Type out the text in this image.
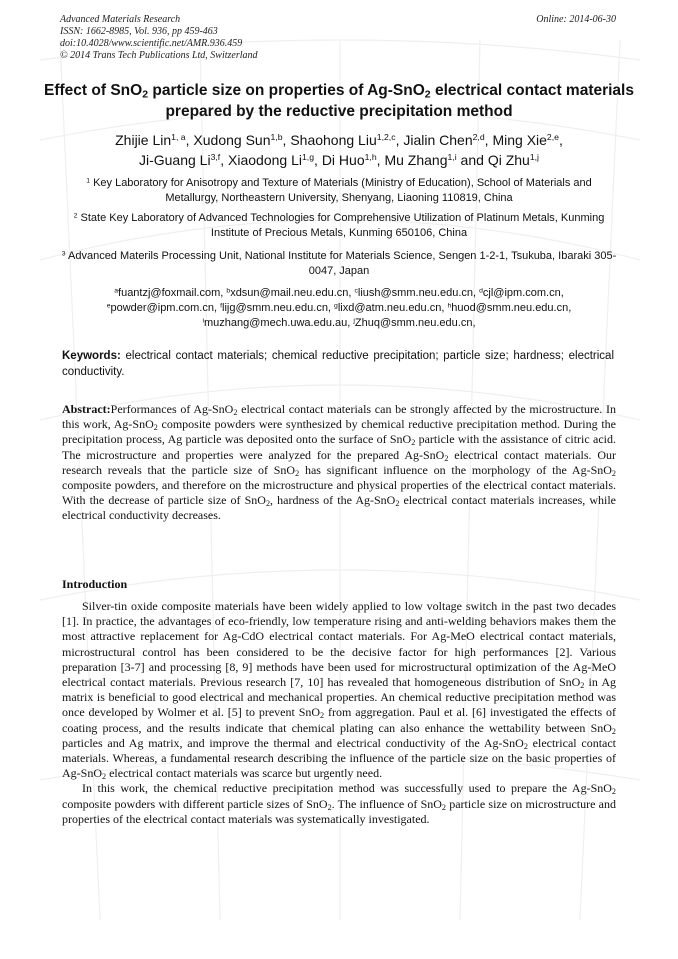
Advanced Materials Research
ISSN: 1662-8985, Vol. 936, pp 459-463
doi:10.4028/www.scientific.net/AMR.936.459
© 2014 Trans Tech Publications Ltd, Switzerland
Online: 2014-06-30
Effect of SnO$_2$ particle size on properties of Ag-SnO$_2$ electrical contact materials prepared by the reductive precipitation method
Zhijie Lin$^{1, a}$, Xudong Sun$^{1,b}$, Shaohong Liu$^{1,2,c}$, Jialin Chen$^{2,d}$, Ming Xie$^{2,e}$,
Ji-Guang Li$^{3,f}$, Xiaodong Li$^{1,g}$, Di Huo$^{1,h}$, Mu Zhang$^{1,i}$ and Qi Zhu$^{1,j}$
$^1$ Key Laboratory for Anisotropy and Texture of Materials (Ministry of Education), School of Materials and Metallurgy, Northeastern University, Shenyang, Liaoning 110819, China
$^2$ State Key Laboratory of Advanced Technologies for Comprehensive Utilization of Platinum Metals, Kunming Institute of Precious Metals, Kunming 650106, China
$^3$ Advanced Materils Processing Unit, National Institute for Materials Science, Sengen 1-2-1, Tsukuba, Ibaraki 305-0047, Japan
$^a$fuantzj@foxmail.com, $^b$xdsun@mail.neu.edu.cn, $^c$liush@smm.neu.edu.cn, $^d$cjl@ipm.com.cn,
$^e$powder@ipm.com.cn, $^f$lijg@smm.neu.edu.cn, $^g$lixd@atm.neu.edu.cn, $^h$huod@smm.neu.edu.cn,
$^i$muzhang@mech.uwa.edu.au, $^j$Zhuq@smm.neu.edu.cn,
Keywords: electrical contact materials; chemical reductive precipitation; particle size; hardness; electrical conductivity.
Abstract:Performances of Ag-SnO$_2$ electrical contact materials can be strongly affected by the microstructure. In this work, Ag-SnO$_2$ composite powders were synthesized by chemical reductive precipitation method. During the precipitation process, Ag particle was deposited onto the surface of SnO$_2$ particle with the assistance of citric acid. The microstructure and properties were analyzed for the prepared Ag-SnO$_2$ electrical contact materials. Our research reveals that the particle size of SnO$_2$ has significant influence on the morphology of the Ag-SnO$_2$ composite powders, and therefore on the microstructure and physical properties of the electrical contact materials. With the decrease of particle size of SnO$_2$, hardness of the Ag-SnO$_2$ electrical contact materials increases, while electrical conductivity decreases.
Introduction

Silver-tin oxide composite materials have been widely applied to low voltage switch in the past two decades [1]. In practice, the advantages of eco-friendly, low temperature rising and anti-welding behaviors makes them the most attractive replacement for Ag-CdO electrical contact materials. For Ag-MeO electrical contact materials, microstructural control has been considered to be the decisive factor for high performances [2]. Various preparation [3-7] and processing [8, 9] methods have been used for microstructural optimization of the Ag-MeO electrical contact materials. Previous research [7, 10] has revealed that homogeneous distribution of SnO$_2$ in Ag matrix is beneficial to good electrical and mechanical properties. An chemical reductive precipitation method was once developed by Wolmer et al. [5] to prevent SnO$_2$ from aggregation. Paul et al. [6] investigated the effects of coating process, and the results indicate that chemical plating can also enhance the wettability between SnO$_2$ particles and Ag matrix, and improve the thermal and electrical conductivity of the Ag-SnO$_2$ electrical contact materials. Whereas, a fundamental research describing the influence of the particle size on the basic properties of Ag-SnO$_2$ electrical contact materials was scarce but urgently need.

In this work, the chemical reductive precipitation method was successfully used to prepare the Ag-SnO$_2$ composite powders with different particle sizes of SnO$_2$. The influence of SnO$_2$ particle size on microstructure and properties of the electrical contact materials was systematically investigated.
